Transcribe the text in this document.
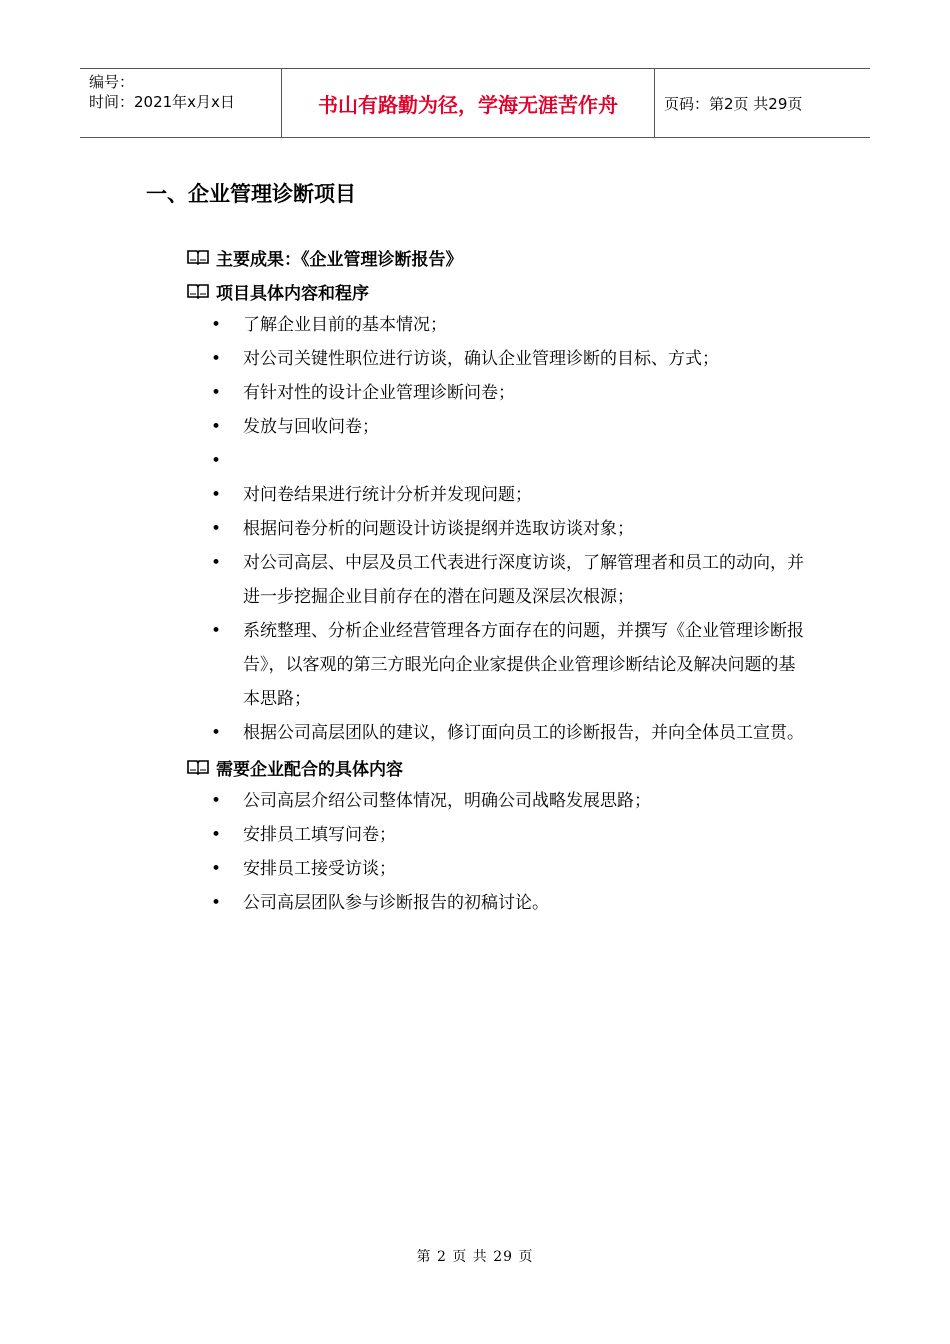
编号：
时间：2021年x月x日	书山有路勤为径，学海无涯苦作舟	页码：第2页 共29页
一、企业管理诊断项目
主要成果：《企业管理诊断报告》
项目具体内容和程序
• 了解企业目前的基本情况；
• 对公司关键性职位进行访谈，确认企业管理诊断的目标、方式；
• 有针对性的设计企业管理诊断问卷；
• 发放与回收问卷；
•
• 对问卷结果进行统计分析并发现问题；
• 根据问卷分析的问题设计访谈提纲并选取访谈对象；
• 对公司高层、中层及员工代表进行深度访谈，了解管理者和员工的动向，并进一步挖掘企业目前存在的潜在问题及深层次根源；
• 系统整理、分析企业经营管理各方面存在的问题，并撰写《企业管理诊断报告》，以客观的第三方眼光向企业家提供企业管理诊断结论及解决问题的基本思路；
• 根据公司高层团队的建议，修订面向员工的诊断报告，并向全体员工宣贯。
需要企业配合的具体内容
• 公司高层介绍公司整体情况，明确公司战略发展思路；
• 安排员工填写问卷；
• 安排员工接受访谈；
• 公司高层团队参与诊断报告的初稿讨论。
第 2 页 共 29 页
